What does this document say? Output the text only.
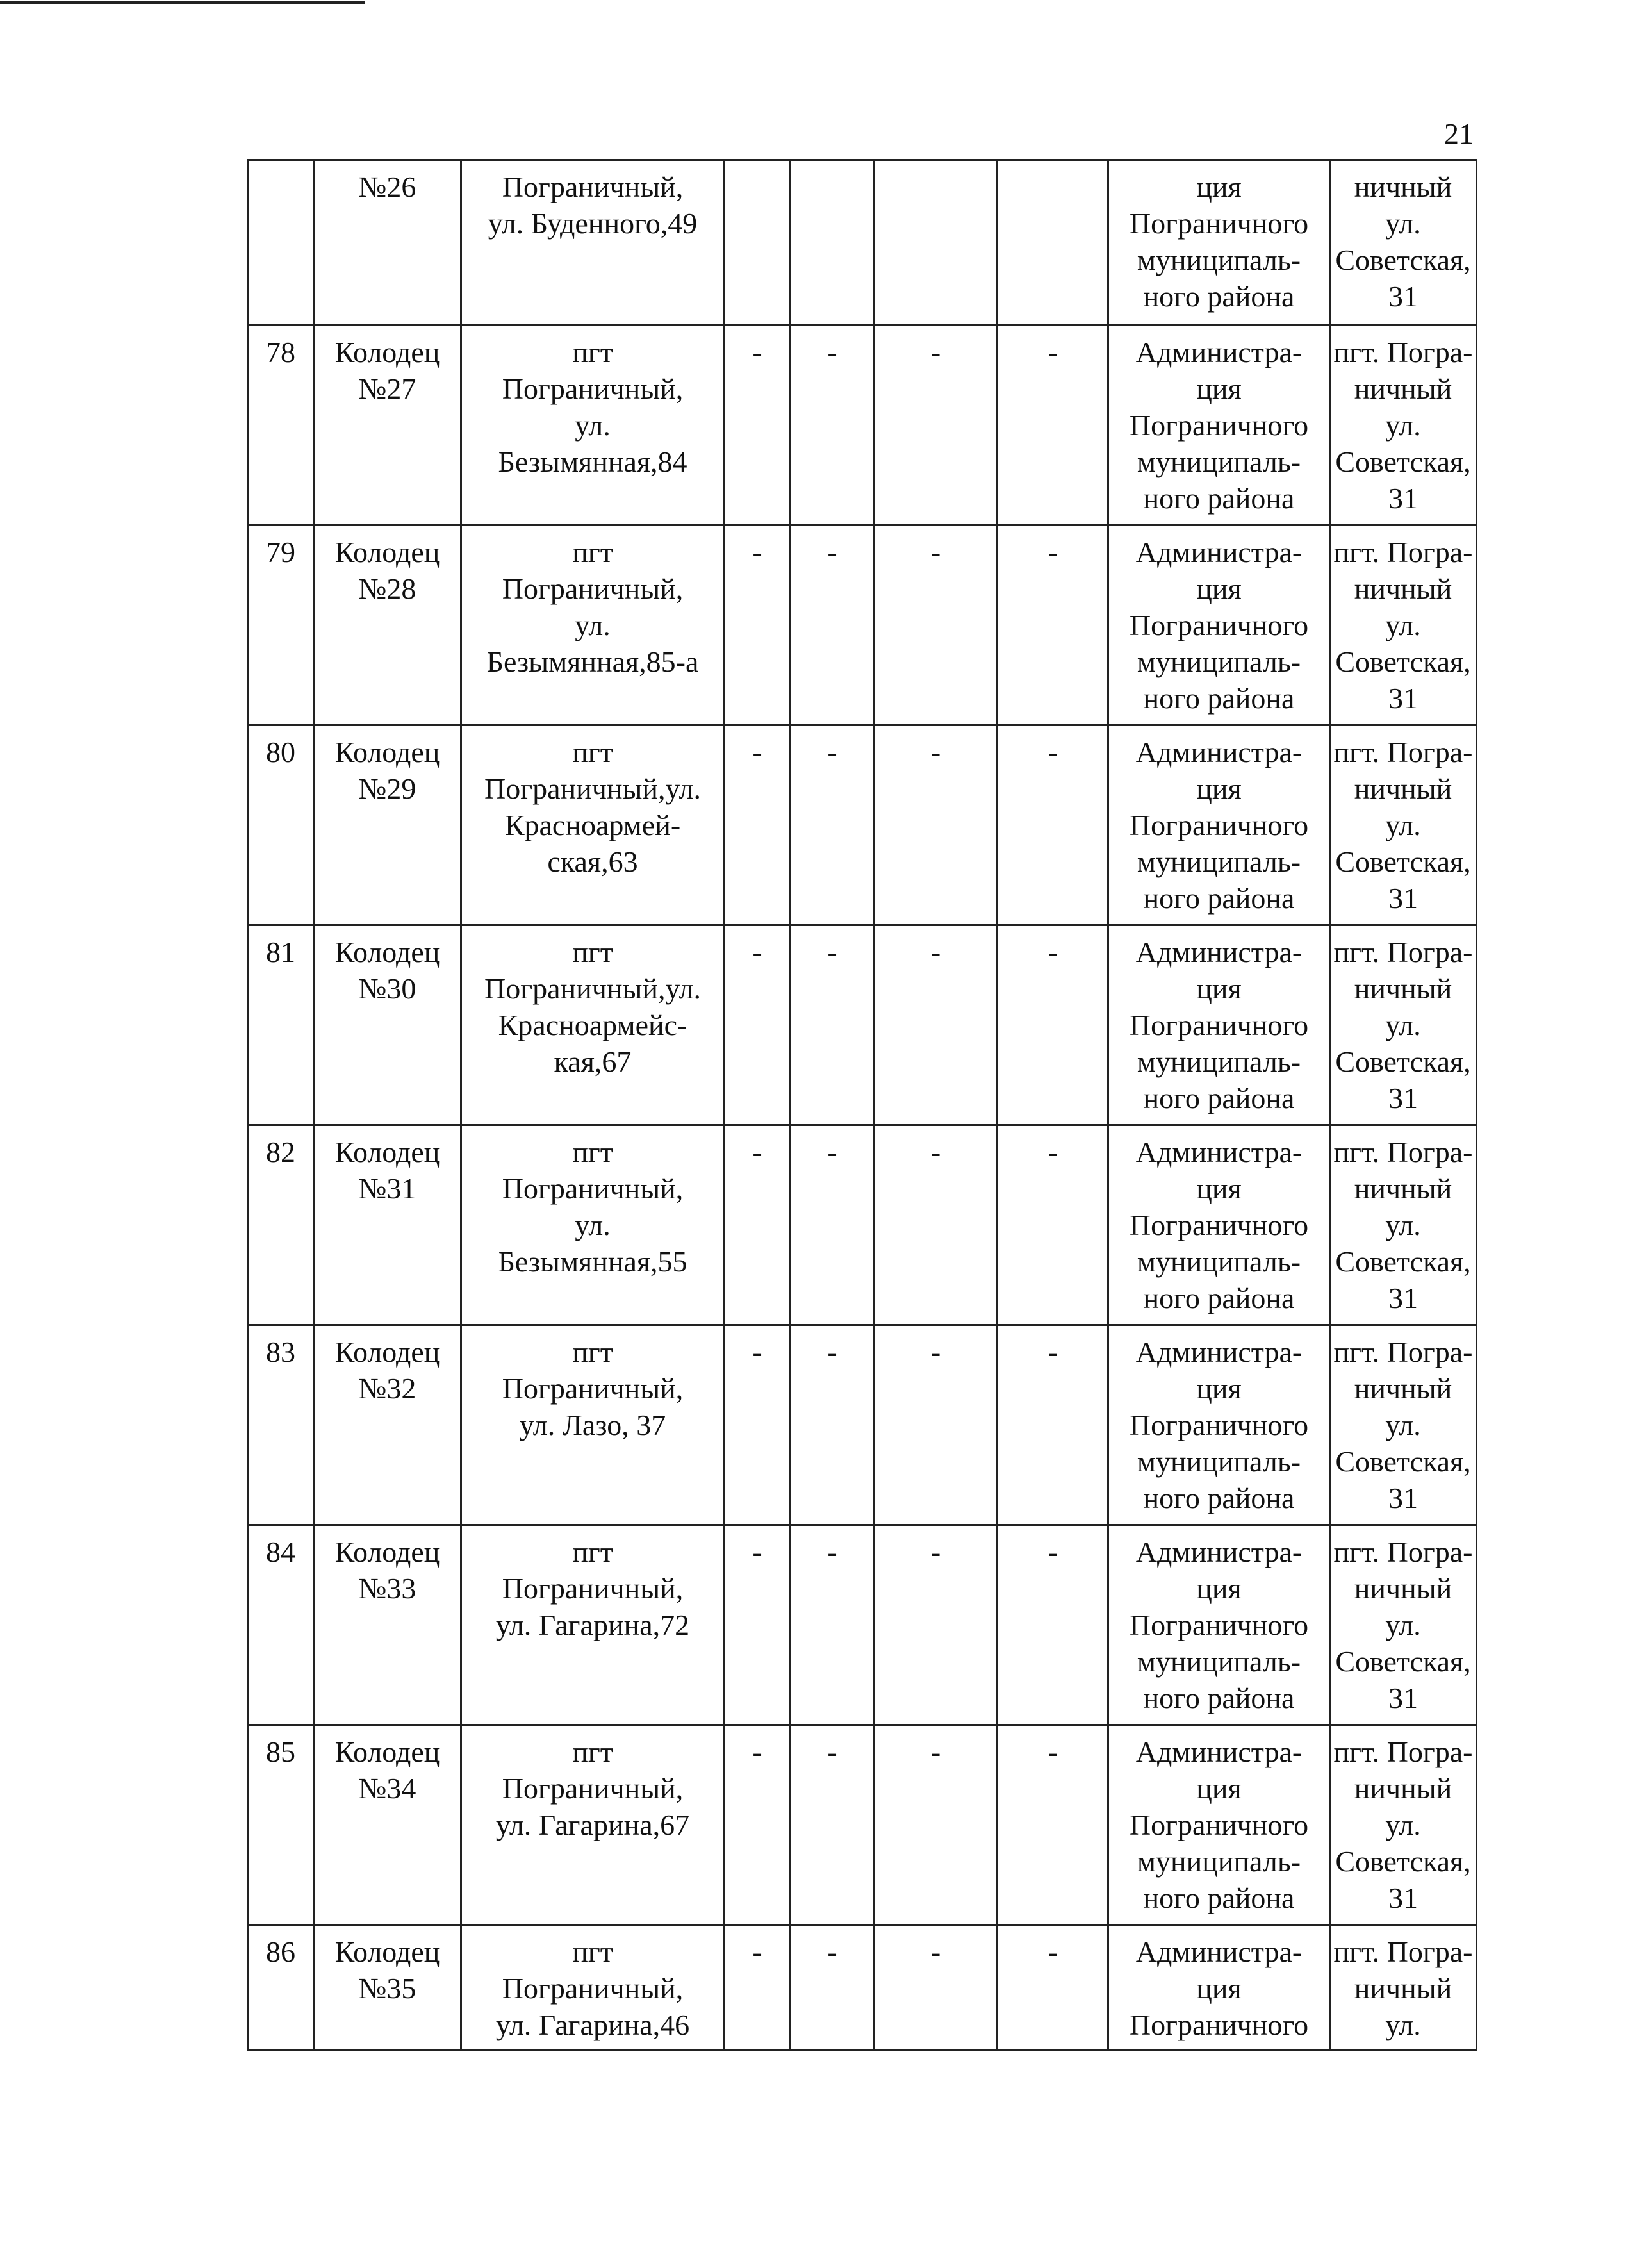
21
	№26	Пограничный,
ул. Буденного,49					ция
Пограничного
муниципаль-
ного района	ничный
ул.
Советская,
31
78	Колодец
№27	пгт
Пограничный,
ул.
Безымянная,84	-	-	-	-	Администра-
ция
Пограничного
муниципаль-
ного района	пгт. Погра-
ничный
ул.
Советская,
31
79	Колодец
№28	пгт
Пограничный,
ул.
Безымянная,85-а	-	-	-	-	Администра-
ция
Пограничного
муниципаль-
ного района	пгт. Погра-
ничный
ул.
Советская,
31
80	Колодец
№29	пгт
Пограничный,ул.
Красноармей-
ская,63	-	-	-	-	Администра-
ция
Пограничного
муниципаль-
ного района	пгт. Погра-
ничный
ул.
Советская,
31
81	Колодец
№30	пгт
Пограничный,ул.
Красноармейс-
кая,67	-	-	-	-	Администра-
ция
Пограничного
муниципаль-
ного района	пгт. Погра-
ничный
ул.
Советская,
31
82	Колодец
№31	пгт
Пограничный,
ул.
Безымянная,55	-	-	-	-	Администра-
ция
Пограничного
муниципаль-
ного района	пгт. Погра-
ничный
ул.
Советская,
31
83	Колодец
№32	пгт
Пограничный,
ул. Лазо, 37	-	-	-	-	Администра-
ция
Пограничного
муниципаль-
ного района	пгт. Погра-
ничный
ул.
Советская,
31
84	Колодец
№33	пгт
Пограничный,
ул. Гагарина,72	-	-	-	-	Администра-
ция
Пограничного
муниципаль-
ного района	пгт. Погра-
ничный
ул.
Советская,
31
85	Колодец
№34	пгт
Пограничный,
ул. Гагарина,67	-	-	-	-	Администра-
ция
Пограничного
муниципаль-
ного района	пгт. Погра-
ничный
ул.
Советская,
31
86	Колодец
№35	пгт
Пограничный,
ул. Гагарина,46	-	-	-	-	Администра-
ция
Пограничного	пгт. Погра-
ничный
ул.
